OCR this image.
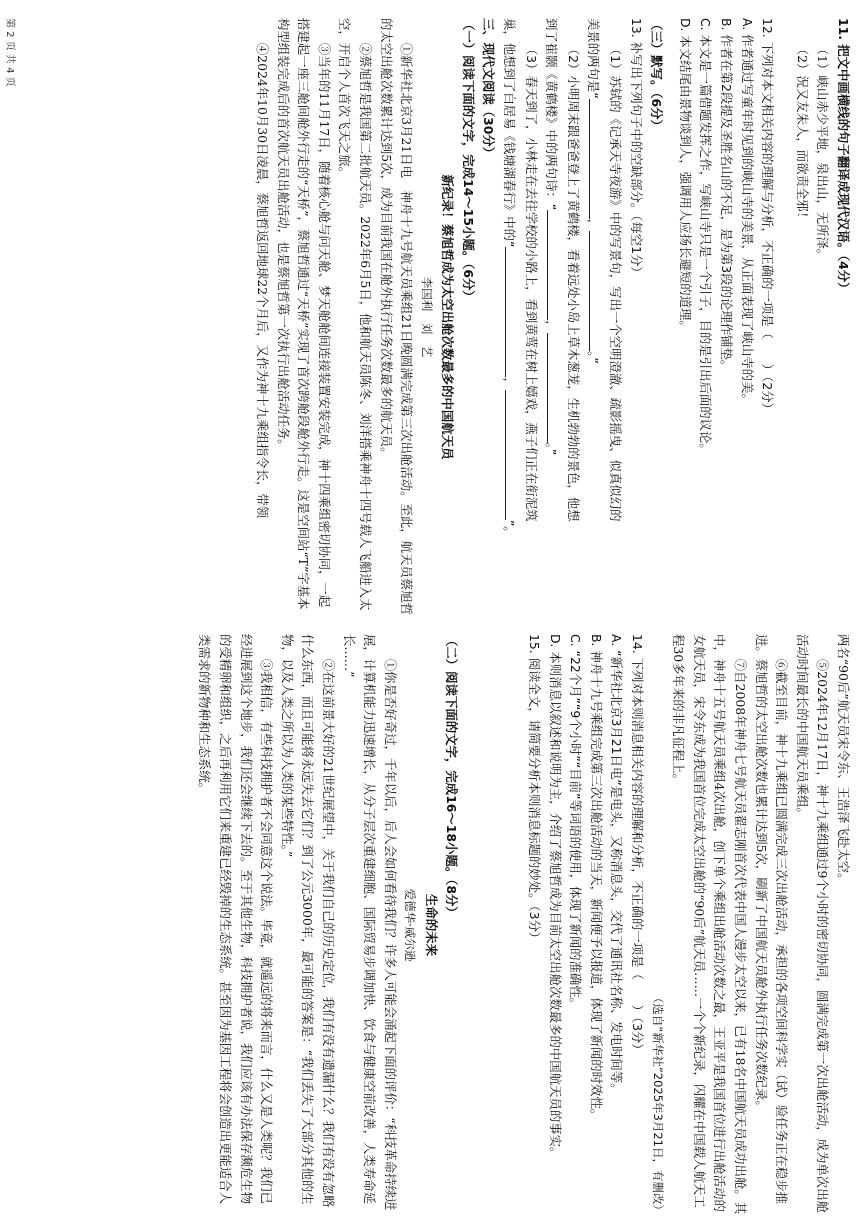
11. 把文中画横线的句子翻译成现代汉语。（4分）

（1）峡山赤少平地，泉出山，无所泽。

（2）況又友朱人，而欲责全邪！

12. 下列对本文相关内容的理解与分析，不正确的一项是（　　）（2分）

A. 作者通过写童年时见到的峡山寺的美景，从正面表现了峡山寺的美。

B. 作者在第2段提及圣胜名山的不足，是为第3段的论理作铺垫。

C. 本文是一篇借题发挥之作，写峡山寺只是一个引子，目的是引出后面的议论。

D. 本文结尾由景物谈到人，强调用人应扬长避短的道理。

（三）默写。（6分）

13. 补写出下列句子中的空缺部分。（每空1分）

（1）苏轼的《记承天寺夜游》中的写景句，写出一个空明澄澈、疏影摇曳、似真似幻的

美景的两句是“，。”

（2）小明周末跟爸爸登上了黄鹤楼，看着远处小岛上草木葱茏，生机勃勃的景色，他想

到了崔颢《黄鹤楼》中的两句诗：“，。”

（3）春天到了，小林走在去往学校的小路上，看到黄莺在树上嬉戏，燕子们正在衔泥筑

巢，他想到了白居易《钱塘湖春行》中的“，”。

三、现代文阅读（30分）

（一）阅读下面的文字，完成14～15小题。（6分）

新纪录！蔡旭哲成为太空出舱次数最多的中国航天员

李国利　刘　艺

①新华社北京3月21日电　神舟十九号航天员乘组21日晚圆满完成第三次出舱活动。至此，航天员蔡旭哲的太空出舱次数累计达到5次，成为目前我国在舱外执行任务次数最多的航天员。

②蔡旭哲是我国第二批航天员。2022年6月5日，他和航天员陈冬、刘洋搭乘神舟十四号载人飞船进入太空，开启个人首次飞天之旅。

③当年的11月17日，随着核心舱与问天舱、梦天舱舱间连接装置安装完成，神十四乘组密切协同，一起搭建起一座三舱间舱外行走的“天桥”，蔡旭哲通过“天桥”实现了首次跨舱段舱外行走。这是空间站“T”字基本构型组装完成后的首次航天员出舱活动，也是蔡旭哲第一次执行出舱活动任务。

④2024年10月30日凌晨，蔡旭哲返回地球22个月后，又作为神十九乘组指令长，带领

两名“90后”航天员宋令东、王浩泽飞赴太空。

⑤2024年12月17日，神十九乘组通过9个小时的密切协同，圆满完成第一次出舱活动，成为单次出舱活动时间最长的中国航天员乘组。

⑥截至目前，神十九乘组已圆满完成三次出舱活动，承担的各项空间科学实（试）验任务正在稳步推进。蔡旭哲的太空出舱次数也累计达到5次，刷新了中国航天员舱外执行任务次数纪录。

⑦自2008年神舟七号航天员翟志刚首次代表中国人漫步太空以来，已有18名中国航天员成功出舱。其中，神舟十五号航天员乘组4次出舱，创下单个乘组出舱活动次数之最，王亚平是我国首位进行出舱活动的女航天员，宋令东成为我国首位完成太空出舱的“90后”航天员……一个个新纪录，闪耀在中国载人航天工程30多年来的非凡征程上。

（选自“新华社”2025年3月21日，有删改）

14. 下列对本则消息相关内容的理解和分析，不正确的一项是（　　）（3分）

A. “新华社北京3月21日电”是电头，又称消息头，交代了通讯社名称、发电时间等。

B. 神舟十九号乘组完成第三次出舱活动的当天，新闻便予以报道，体现了新闻的时效性。

C. “22个月”“9个小时”“目前”等词语的使用，体现了新闻的准确性。

D. 本则消息以叙述和说明为主，介绍了蔡旭哲成为目前太空出舱次数最多的中国航天员的事实。

15. 阅读全文，请简要分析本则消息标题的妙处。（3分）

（二）阅读下面的文字，完成16～18小题。（8分）

生命的未来

爱德华·威尔逊

①你是否好奇过，千年以后，后人会如何看待我们？许多人可能会涌起下面的评价：“科技革命持续进展，计算机能力迅速增长，从分子层次重建细胞、国际贸易步调加快、饮食与健康空前改善，人类寿命延长……”

②在这前景大好的21世纪展望中，关于我们自己的历史定位，我们有没有遗漏什么？我们有没有忽略什么东西，而且可能将永远失去它们？到了公元3000年，最可能的答案是：“我们丢失了大部分其他的生物，以及人类之所以为人类的某些特性。”

③我相信，有些科技拥护者不会同意这个说法。毕竟，就遥远的将来而言，什么又是人类呢？我们已经进展到这个地步，我们还会继续下去的。至于其他生物，科技拥护者说，我们应该有办法保存濒危生物的受精卵和组织，之后再利用它们来重建已经毁掉的生态系统。甚至因为基因工程将会创造出更能适合人类需求的新物种和生态系统。

第 2 页 共 4 页
